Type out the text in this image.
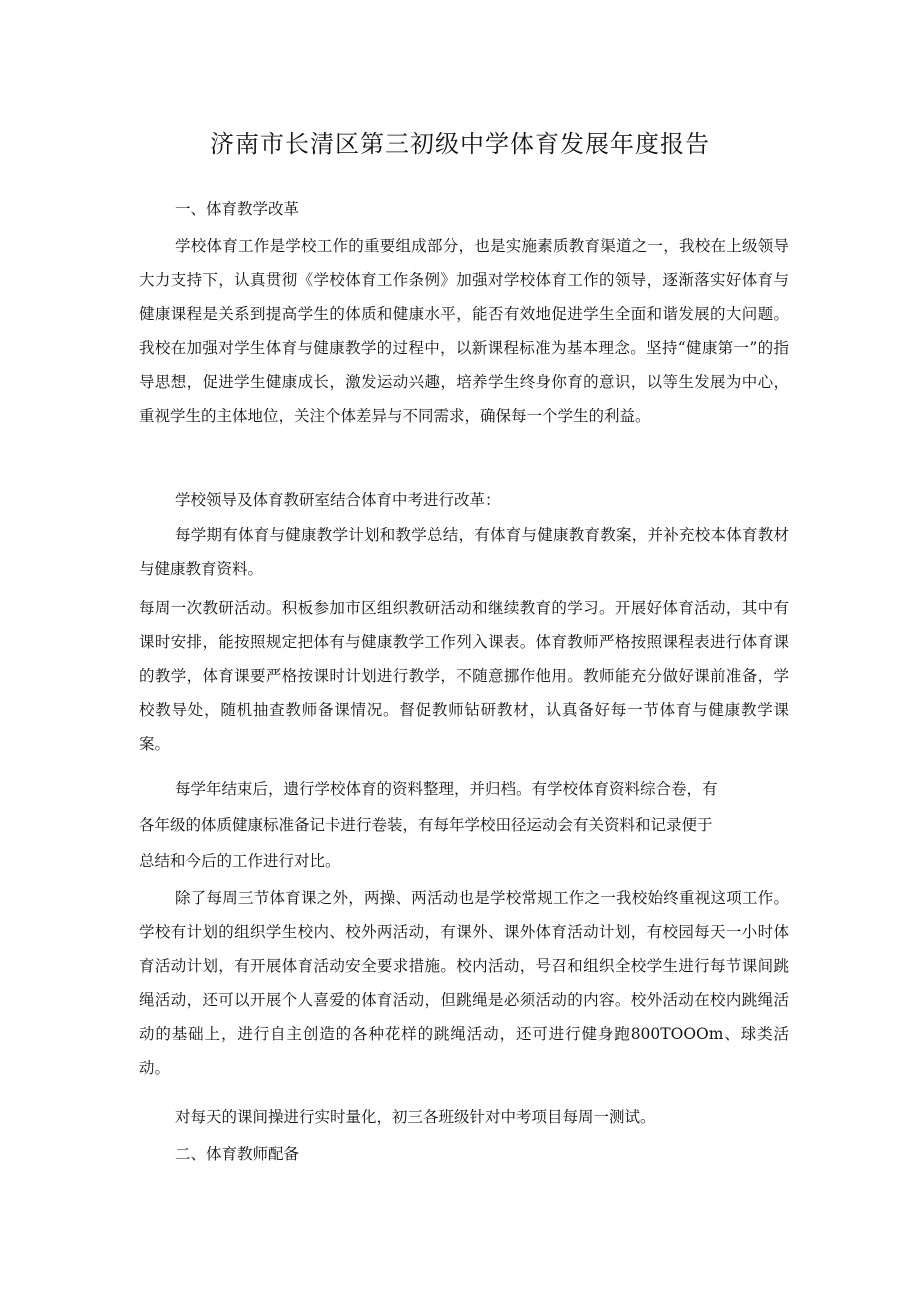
济南市长清区第三初级中学体育发展年度报告

一、体育教学改革

学校体育工作是学校工作的重要组成部分，也是实施素质教育渠道之一，我校在上级领导大力支持下，认真贯彻《学校体育工作条例》加强对学校体育工作的领导，逐渐落实好体育与健康课程是关系到提高学生的体质和健康水平，能否有效地促进学生全面和谐发展的大问题。我校在加强对学生体育与健康教学的过程中，以新课程标准为基本理念。坚持“健康第一”的指导思想，促进学生健康成长，激发运动兴趣，培养学生终身你育的意识，以等生发展为中心，重视学生的主体地位，关注个体差异与不同需求，确保每一个学生的利益。

学校领导及体育教研室结合体育中考进行改革：

每学期有体育与健康教学计划和教学总结，有体育与健康教育教案，并补充校本体育教材与健康教育资料。

每周一次教研活动。积板参加市区组织教研活动和继续教育的学习。开展好体育活动，其中有课时安排，能按照规定把体有与健康教学工作列入课表。体育教师严格按照课程表进行体育课的教学，体育课要严格按课时计划进行教学，不随意挪作他用。教师能充分做好课前准备，学校教导处，随机抽查教师备课情况。督促教师钻研教材，认真备好每一节体育与健康教学课案。

每学年结束后，遗行学校体育的资料整理，并归档。有学校体育资料综合卷，有

各年级的体质健康标准备记卡进行卷装，有每年学校田径运动会有关资料和记录便于

总结和今后的工作进行对比。

除了每周三节体育课之外，两操、两活动也是学校常规工作之一我校始终重视这项工作。学校有计划的组织学生校内、校外两活动，有课外、课外体育活动计划，有校园每天一小时体育活动计划，有开展体育活动安全要求措施。校内活动，号召和组织全校学生进行每节课间跳绳活动，还可以开展个人喜爱的体育活动，但跳绳是必须活动的内容。校外活动在校内跳绳活动的基础上，进行自主创造的各种花样的跳绳活动，还可进行健身跑800TOOOm、球类活动。

对每天的课间操进行实时量化，初三各班级针对中考项目每周一测试。

二、体育教师配备
